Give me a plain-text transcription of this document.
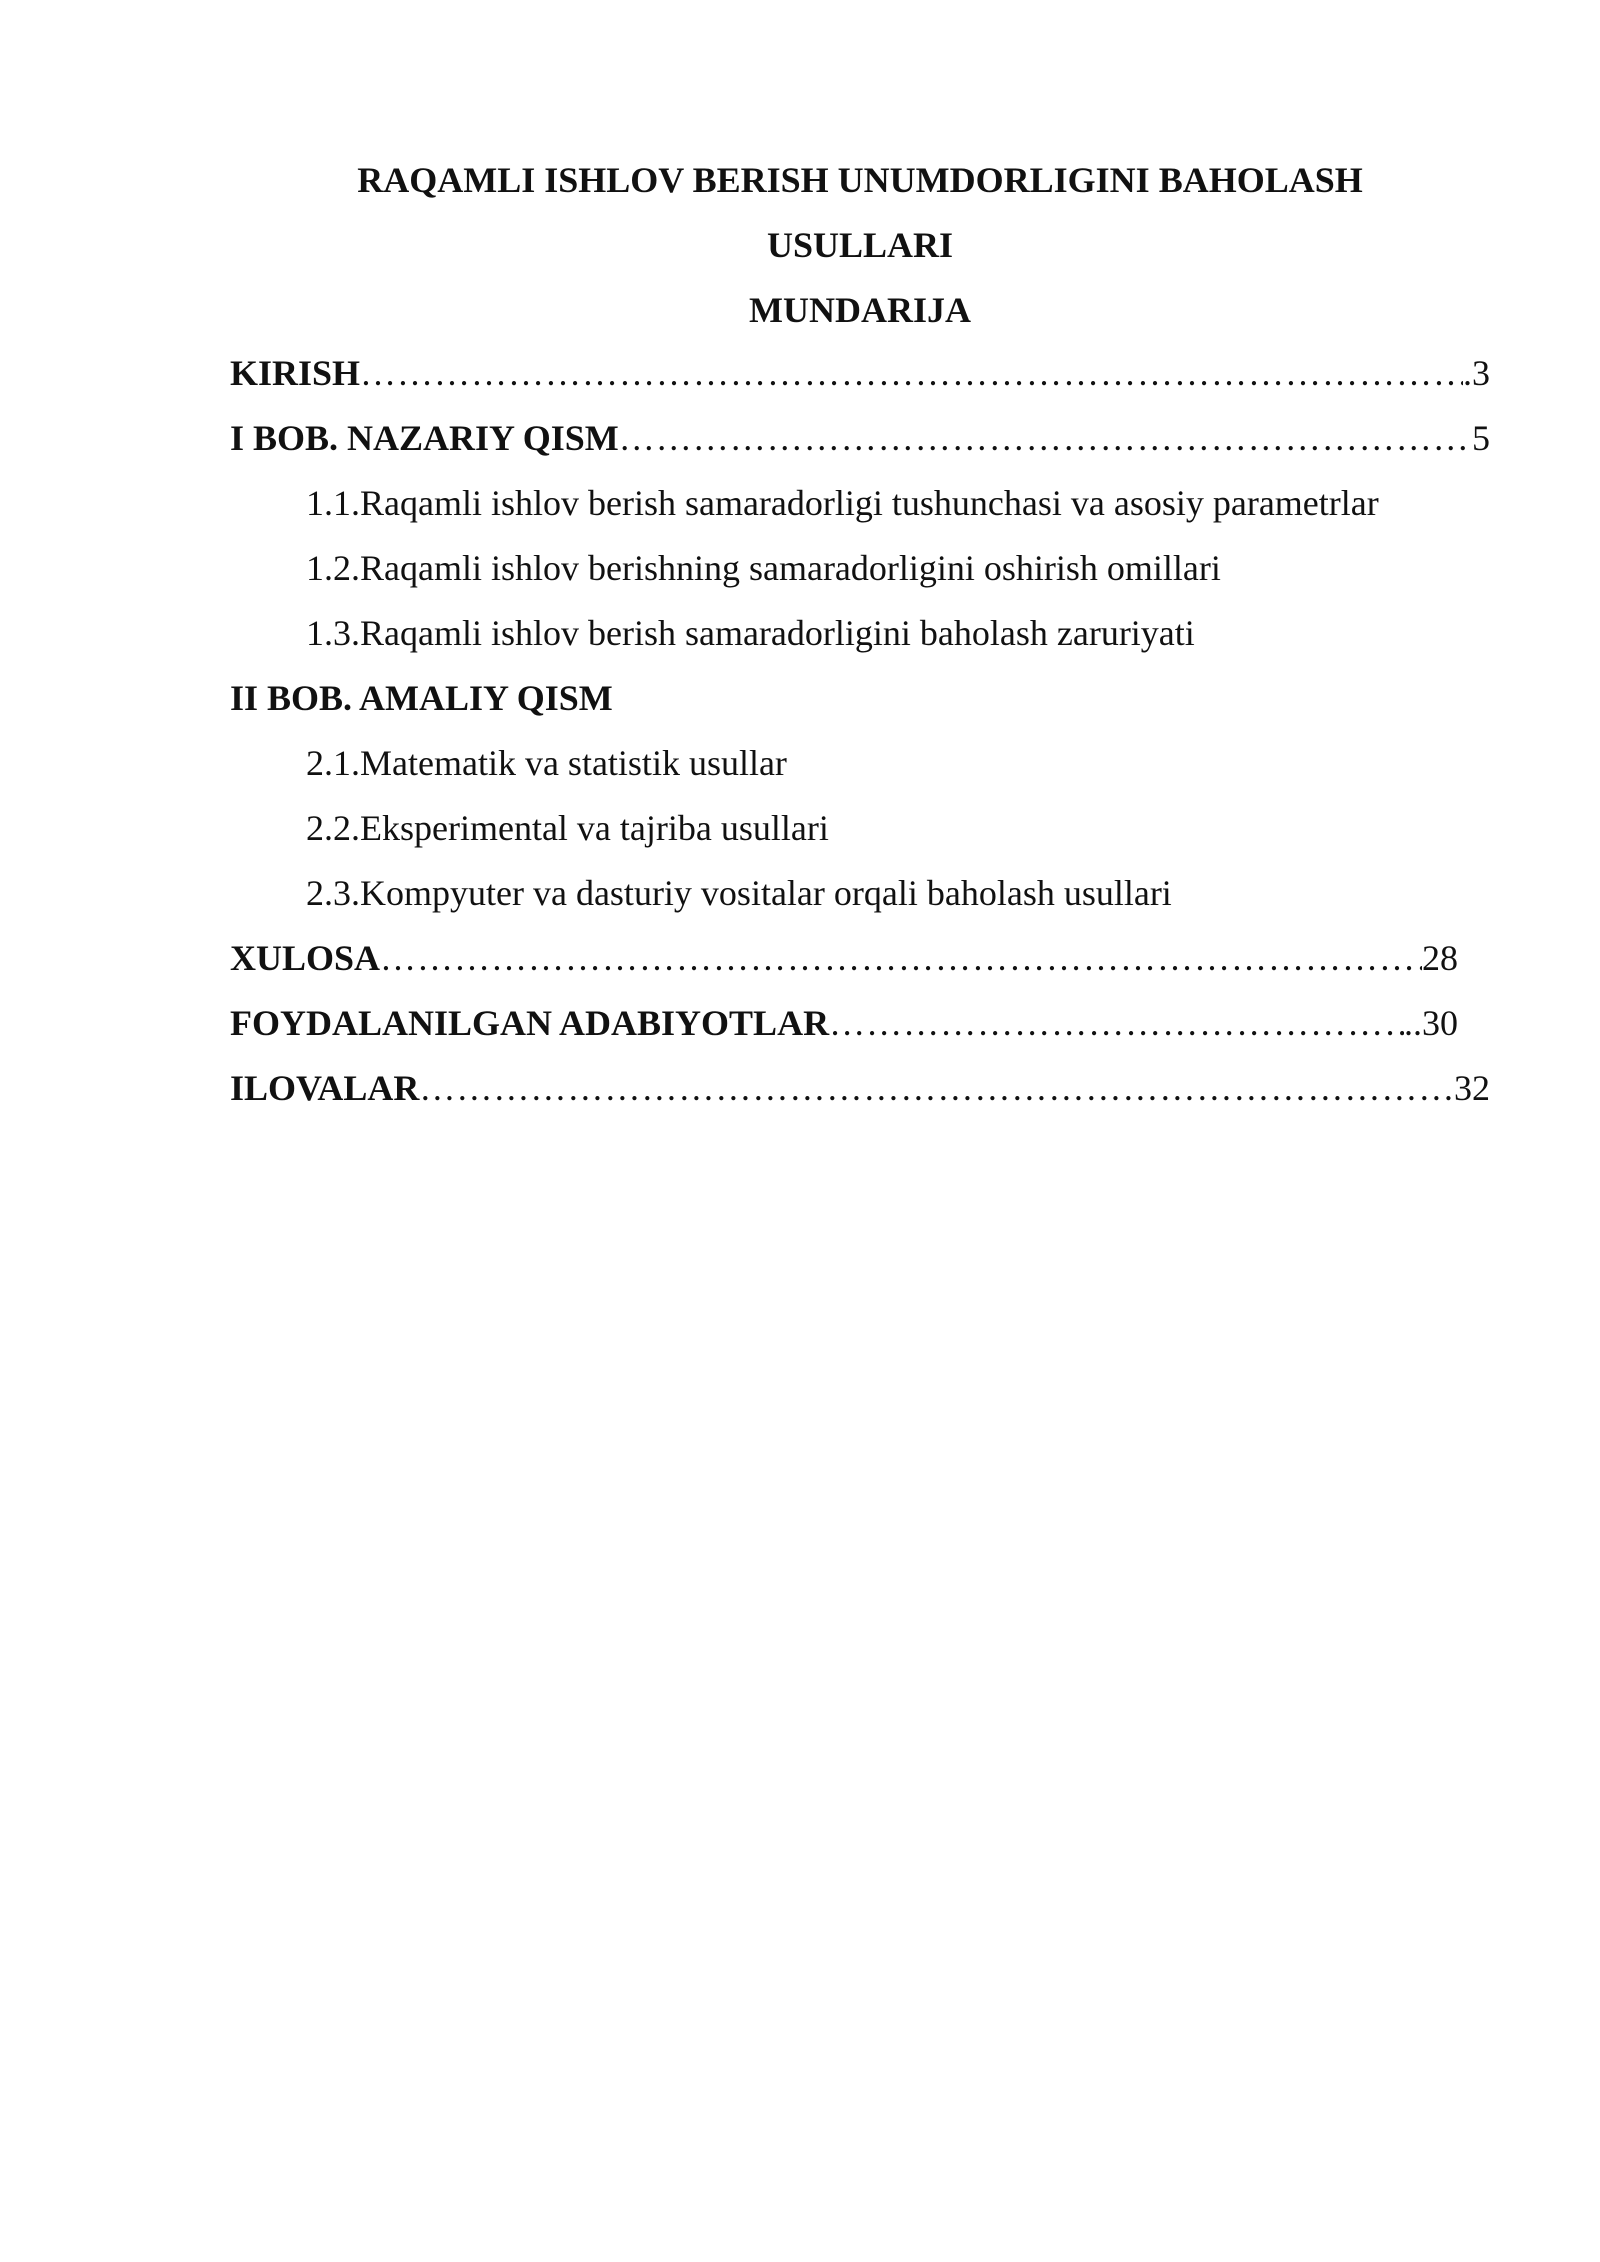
RAQAMLI ISHLOV BERISH UNUMDORLIGINI BAHOLASH

USULLARI

MUNDARIJA

KIRISH ……………………………………………………………………………………………………………………………………………………………………………	.3
I BOB. NAZARIY QISM ……………………………………………………………………………………………………………………………………………………………………………	5
1.1.Raqamli ishlov berish samaradorligi tushunchasi va asosiy parametrlar
1.2.Raqamli ishlov berishning samaradorligini oshirish omillari
1.3.Raqamli ishlov berish samaradorligini baholash zaruriyati
II BOB. AMALIY QISM
2.1.Matematik va statistik usullar
2.2.Eksperimental va tajriba usullari
2.3.Kompyuter va dasturiy vositalar orqali baholash usullari
XULOSA ……………………………………………………………………………………………………………………………………………………………………………	28
FOYDALANILGAN ADABIYOTLAR ……………………………………………………………………………………………………………………………………………………………………………	..30
ILOVALAR ……………………………………………………………………………………………………………………………………………………………………………	32
